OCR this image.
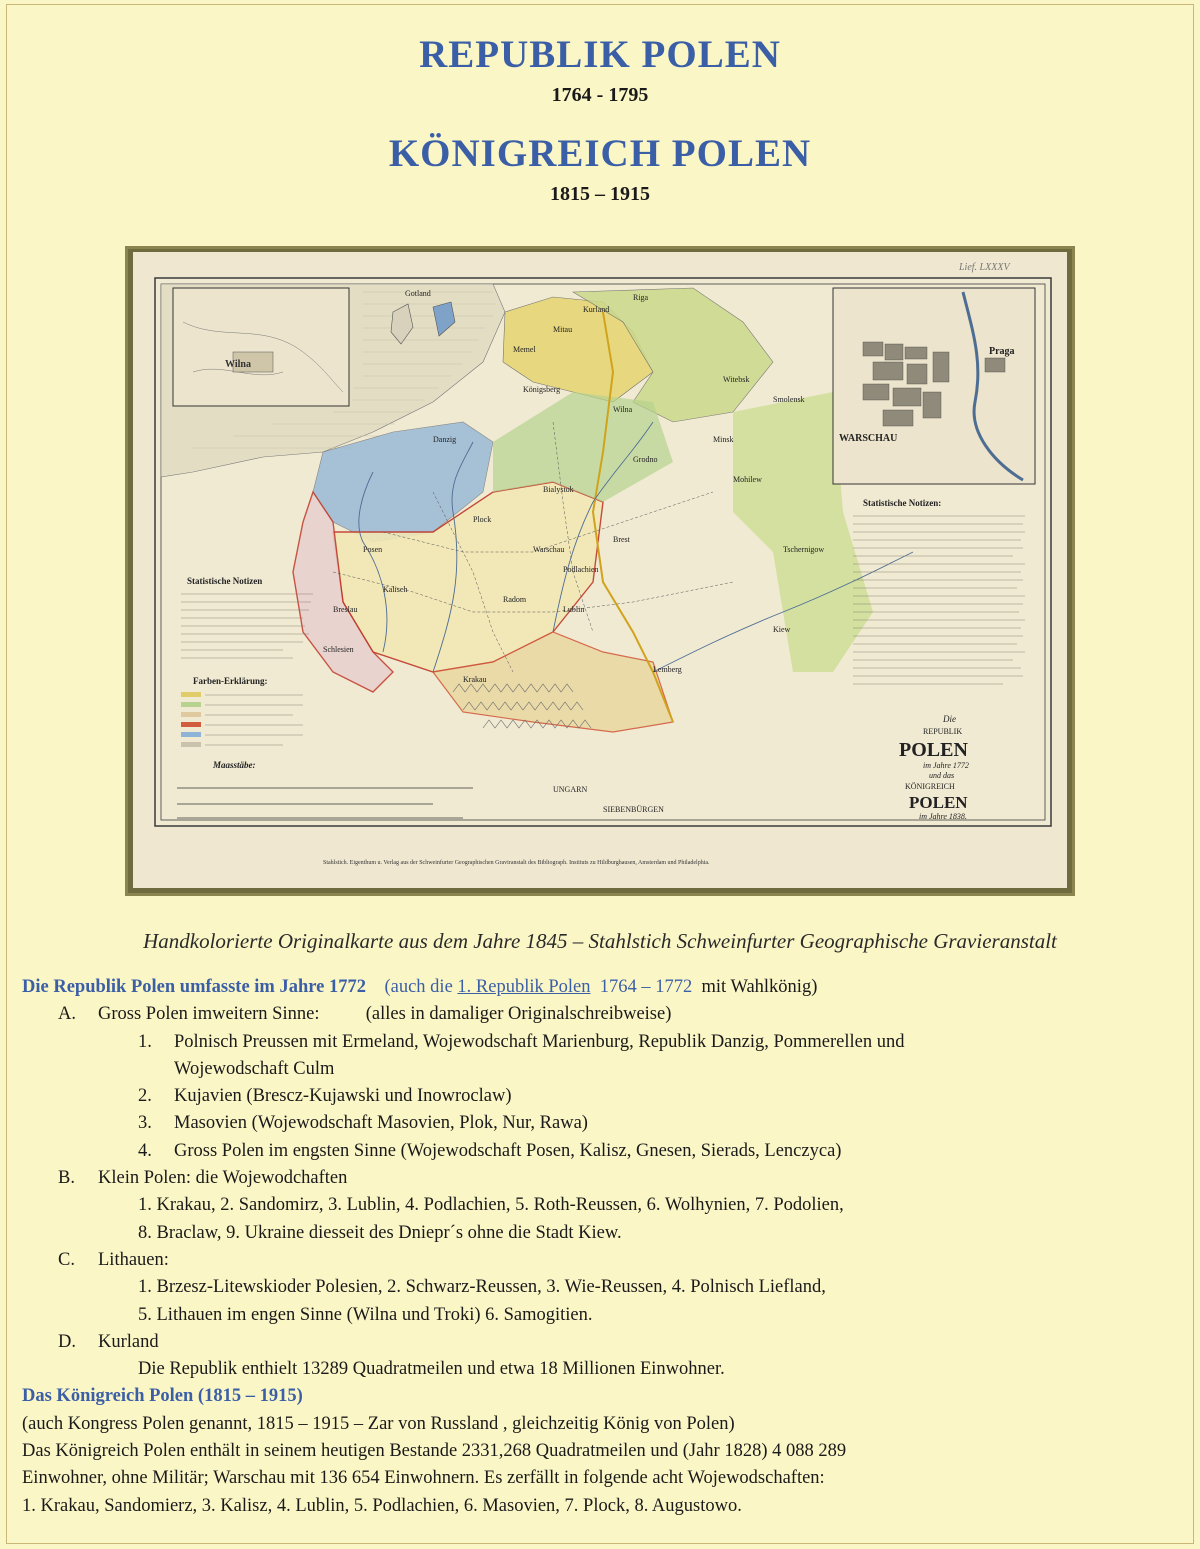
REPUBLIK POLEN
1764 - 1795
KÖNIGREICH POLEN
1815 – 1915
Wilna
WARSCHAU
Praga
Lief. LXXXV
Statistische Notizen
Farben-Erklärung:
Maasstäbe:
Statistische Notizen:
Die
REPUBLIK
POLEN
im Jahre 1772
und das
KÖNIGREICH
POLEN
im Jahre 1838.
Gotland
Kurland
Riga
Danzig
Königsberg
Posen	Warschau
Krakau
Lublin
Wilna
Grodno
Minsk
Bialystok
Kalisch
Breslau
Kiew
Podlachien
Lemberg
Brest
UNGARN
SIEBENBÜRGEN
Schlesien
Memel
Mitau
Witebsk
Smolensk
Mohilew
Tschernigow
Plock
Radom
Stahlstich. Eigenthum u. Verlag aus der Schweinfurter Geographischen Graviranstalt des Bibliograph. Instituts zu Hildburghausen, Amsterdam und Philadelphia.
Handkolorierte Originalkarte aus dem Jahre 1845 – Stahlstich Schweinfurter Geographische Gravieranstalt
Die Republik Polen umfasste im Jahre 1772 (auch die 1. Republik Polen 1764 – 1772 mit Wahlkönig)
A. Gross Polen imweitern Sinne:	(alles in damaliger Originalschreibweise)
1. Polnisch Preussen mit Ermeland, Wojewodschaft Marienburg, Republik Danzig, Pommerellen und
Wojewodschaft Culm
2. Kujavien (Brescz-Kujawski und Inowroclaw)
3. Masovien (Wojewodschaft Masovien, Plok, Nur, Rawa)
4. Gross Polen im engsten Sinne (Wojewodschaft Posen, Kalisz, Gnesen, Sierads, Lenczyca)
B. Klein Polen: die Wojewodchaften
1. Krakau, 2. Sandomirz, 3. Lublin, 4. Podlachien, 5. Roth-Reussen, 6. Wolhynien, 7. Podolien,
8. Braclaw, 9. Ukraine diesseit des Dniepr´s ohne die Stadt Kiew.
C. Lithauen:
1. Brzesz-Litewskioder Polesien, 2. Schwarz-Reussen, 3. Wie-Reussen, 4. Polnisch Liefland,
5. Lithauen im engen Sinne (Wilna und Troki) 6. Samogitien.
D. Kurland
Die Republik enthielt 13289 Quadratmeilen und etwa 18 Millionen Einwohner.
Das Königreich Polen (1815 – 1915)
(auch Kongress Polen genannt, 1815 – 1915 – Zar von Russland , gleichzeitig König von Polen)
Das Königreich Polen enthält in seinem heutigen Bestande 2331,268 Quadratmeilen und (Jahr 1828) 4 088 289
Einwohner, ohne Militär; Warschau mit 136 654 Einwohnern. Es zerfällt in folgende acht Wojewodschaften:
1. Krakau, Sandomierz, 3. Kalisz, 4. Lublin, 5. Podlachien, 6. Masovien, 7. Plock, 8. Augustowo.
